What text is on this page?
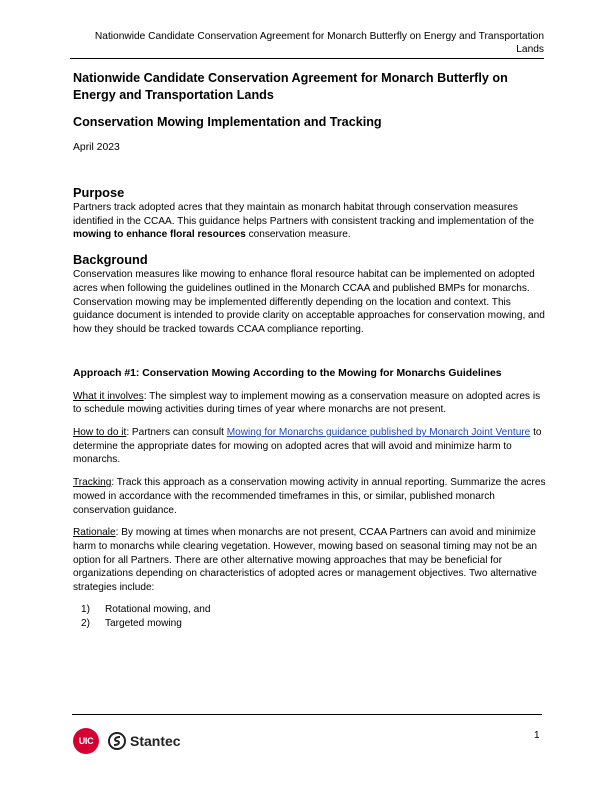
Nationwide Candidate Conservation Agreement for Monarch Butterfly on Energy and Transportation Lands

Nationwide Candidate Conservation Agreement for Monarch Butterfly on Energy and Transportation Lands

Conservation Mowing Implementation and Tracking

April 2023

Purpose

Partners track adopted acres that they maintain as monarch habitat through conservation measures identified in the CCAA. This guidance helps Partners with consistent tracking and implementation of the mowing to enhance floral resources conservation measure.

Background

Conservation measures like mowing to enhance floral resource habitat can be implemented on adopted acres when following the guidelines outlined in the Monarch CCAA and published BMPs for monarchs. Conservation mowing may be implemented differently depending on the location and context. This guidance document is intended to provide clarity on acceptable approaches for conservation mowing, and how they should be tracked towards CCAA compliance reporting.

Approach #1: Conservation Mowing According to the Mowing for Monarchs Guidelines

What it involves: The simplest way to implement mowing as a conservation measure on adopted acres is to schedule mowing activities during times of year where monarchs are not present.

How to do it: Partners can consult Mowing for Monarchs guidance published by Monarch Joint Venture to determine the appropriate dates for mowing on adopted acres that will avoid and minimize harm to monarchs.

Tracking: Track this approach as a conservation mowing activity in annual reporting. Summarize the acres mowed in accordance with the recommended timeframes in this, or similar, published monarch conservation guidance.

Rationale: By mowing at times when monarchs are not present, CCAA Partners can avoid and minimize harm to monarchs while clearing vegetation. However, mowing based on seasonal timing may not be an option for all Partners. There are other alternative mowing approaches that may be beneficial for organizations depending on characteristics of adopted acres or management objectives. Two alternative strategies include:

1)	Rotational mowing, and
2)	Targeted mowing
UIC	Stantec	1
